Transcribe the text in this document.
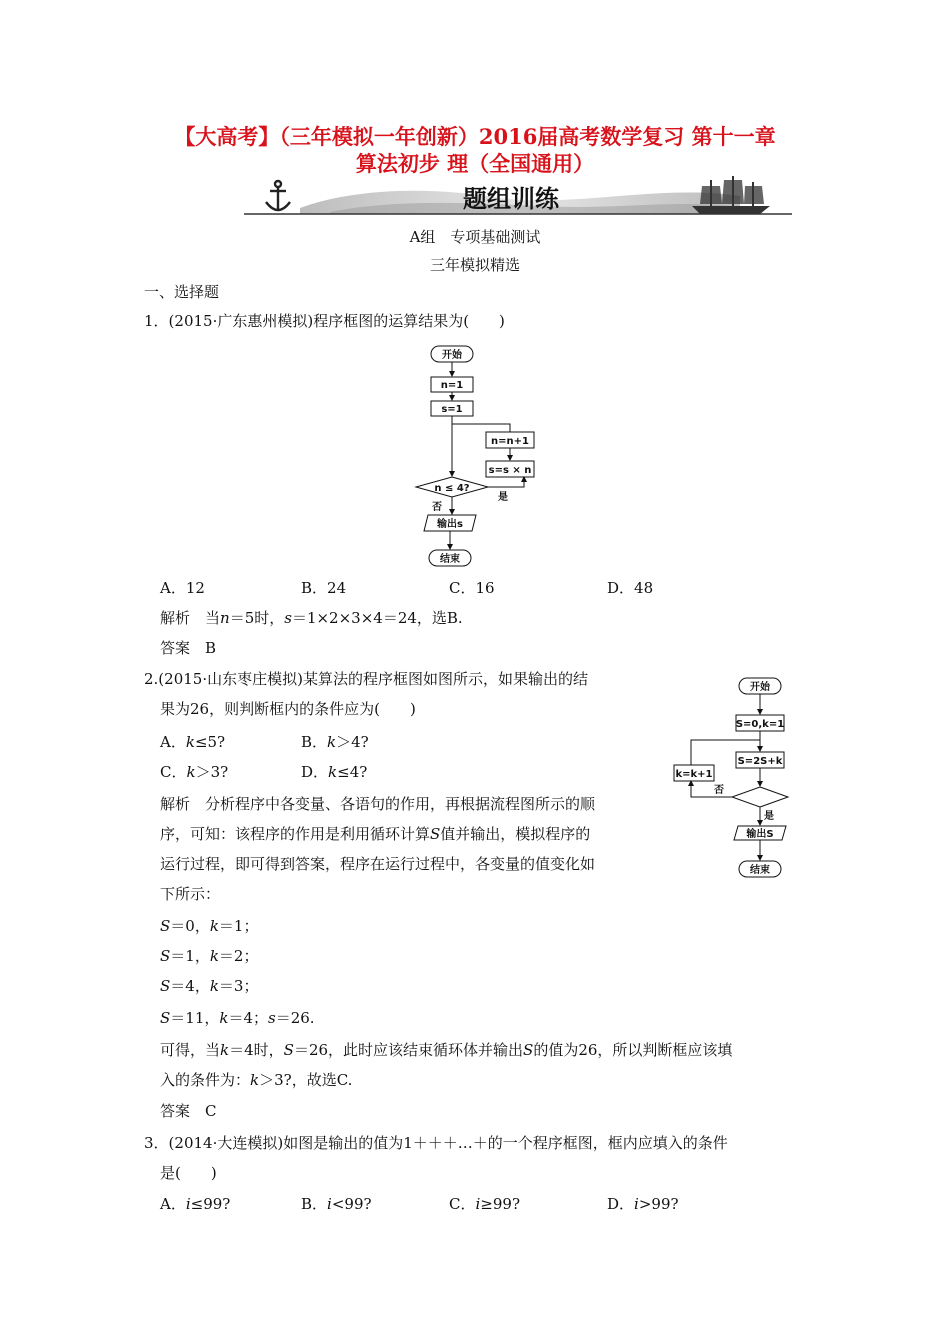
【大高考】（三年模拟一年创新）2016届高考数学复习 第十一章
算法初步 理（全国通用）
题组训练
A组　专项基础测试
三年模拟精选
一、选择题
1．(2015·广东惠州模拟)程序框图的运算结果为(　　)
开始
n=1
s=1
n=n+1
s=s × n
n ≤ 4?
是
否
输出s
结束
A．12	B．24	C．16	D．48
解析　当n＝5时，s＝1×2×3×4＝24，选B.
答案　B
2.(2015·山东枣庄模拟)某算法的程序框图如图所示，如果输出的结
果为26，则判断框内的条件应为(　　)
A．k≤5?	B．k＞4?
C．k＞3?	D．k≤4?
解析　分析程序中各变量、各语句的作用，再根据流程图所示的顺
序，可知：该程序的作用是利用循环计算S值并输出，模拟程序的
运行过程，即可得到答案，程序在运行过程中，各变量的值变化如
下所示：
S＝0，k＝1；
S＝1，k＝2；
S＝4，k＝3；
S＝11，k＝4；s＝26.
可得，当k＝4时，S＝26，此时应该结束循环体并输出S的值为26，所以判断框应该填
入的条件为：k＞3?，故选C.
答案　C
开始
S=0,k=1
S=2S+k
k=k+1
否
是
输出S
结束
3．(2014·大连模拟)如图是输出的值为1＋＋＋…＋的一个程序框图，框内应填入的条件
是(　　)
A．i≤99?	B．i<99?	C．i≥99?	D．i>99?
